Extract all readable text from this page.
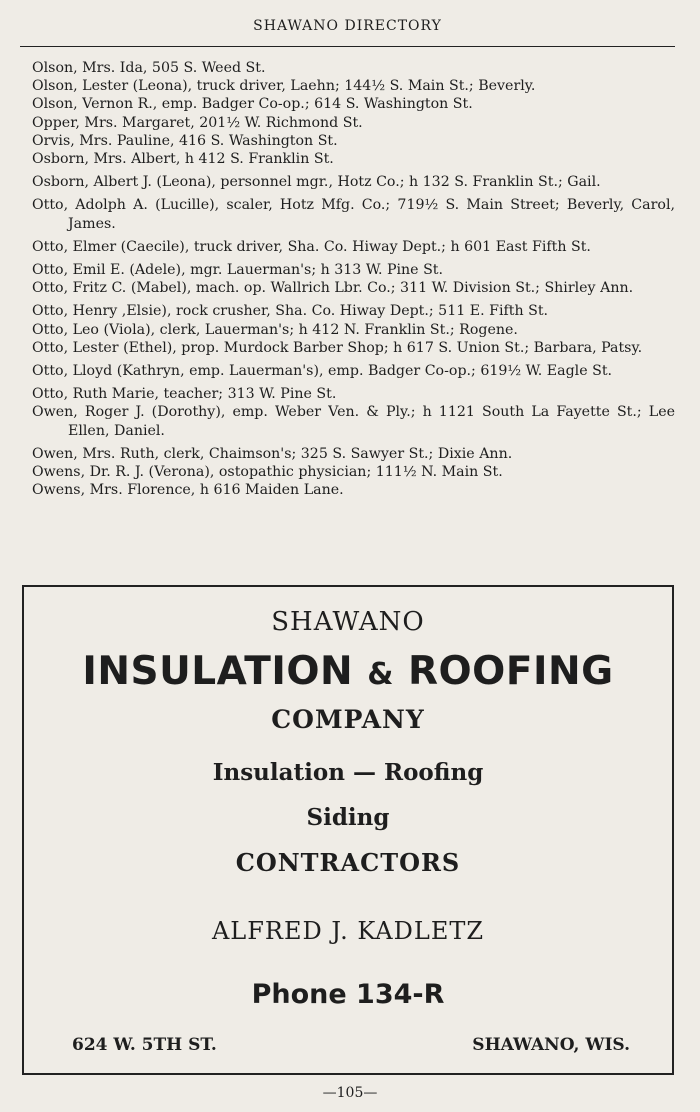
SHAWANO DIRECTORY
Olson, Mrs. Ida, 505 S. Weed St.
Olson, Lester (Leona), truck driver, Laehn; 144½ S. Main St.; Beverly.
Olson, Vernon R., emp. Badger Co-op.; 614 S. Washington St.
Opper, Mrs. Margaret, 201½ W. Richmond St.
Orvis, Mrs. Pauline, 416 S. Washington St.
Osborn, Mrs. Albert, h 412 S. Franklin St.
Osborn, Albert J. (Leona), personnel mgr., Hotz Co.; h 132 S. Franklin St.; Gail.
Otto, Adolph A. (Lucille), scaler, Hotz Mfg. Co.; 719½ S. Main Street; Beverly, Carol, James.
Otto, Elmer (Caecile), truck driver, Sha. Co. Hiway Dept.; h 601 East Fifth St.
Otto, Emil E. (Adele), mgr. Lauerman's; h 313 W. Pine St.
Otto, Fritz C. (Mabel), mach. op. Wallrich Lbr. Co.; 311 W. Division St.; Shirley Ann.
Otto, Henry ,Elsie), rock crusher, Sha. Co. Hiway Dept.; 511 E. Fifth St.
Otto, Leo (Viola), clerk, Lauerman's; h 412 N. Franklin St.; Rogene.
Otto, Lester (Ethel), prop. Murdock Barber Shop; h 617 S. Union St.; Barbara, Patsy.
Otto, Lloyd (Kathryn, emp. Lauerman's), emp. Badger Co-op.; 619½ W. Eagle St.
Otto, Ruth Marie, teacher; 313 W. Pine St.
Owen, Roger J. (Dorothy), emp. Weber Ven. & Ply.; h 1121 South La Fayette St.; Lee Ellen, Daniel.
Owen, Mrs. Ruth, clerk, Chaimson's; 325 S. Sawyer St.; Dixie Ann.
Owens, Dr. R. J. (Verona), ostopathic physician; 111½ N. Main St.
Owens, Mrs. Florence, h 616 Maiden Lane.
SHAWANO
INSULATION & ROOFING
COMPANY
Insulation — Roofing
Siding
CONTRACTORS
ALFRED J. KADLETZ
Phone 134-R
624 W. 5TH ST.	SHAWANO, WIS.
—105—
